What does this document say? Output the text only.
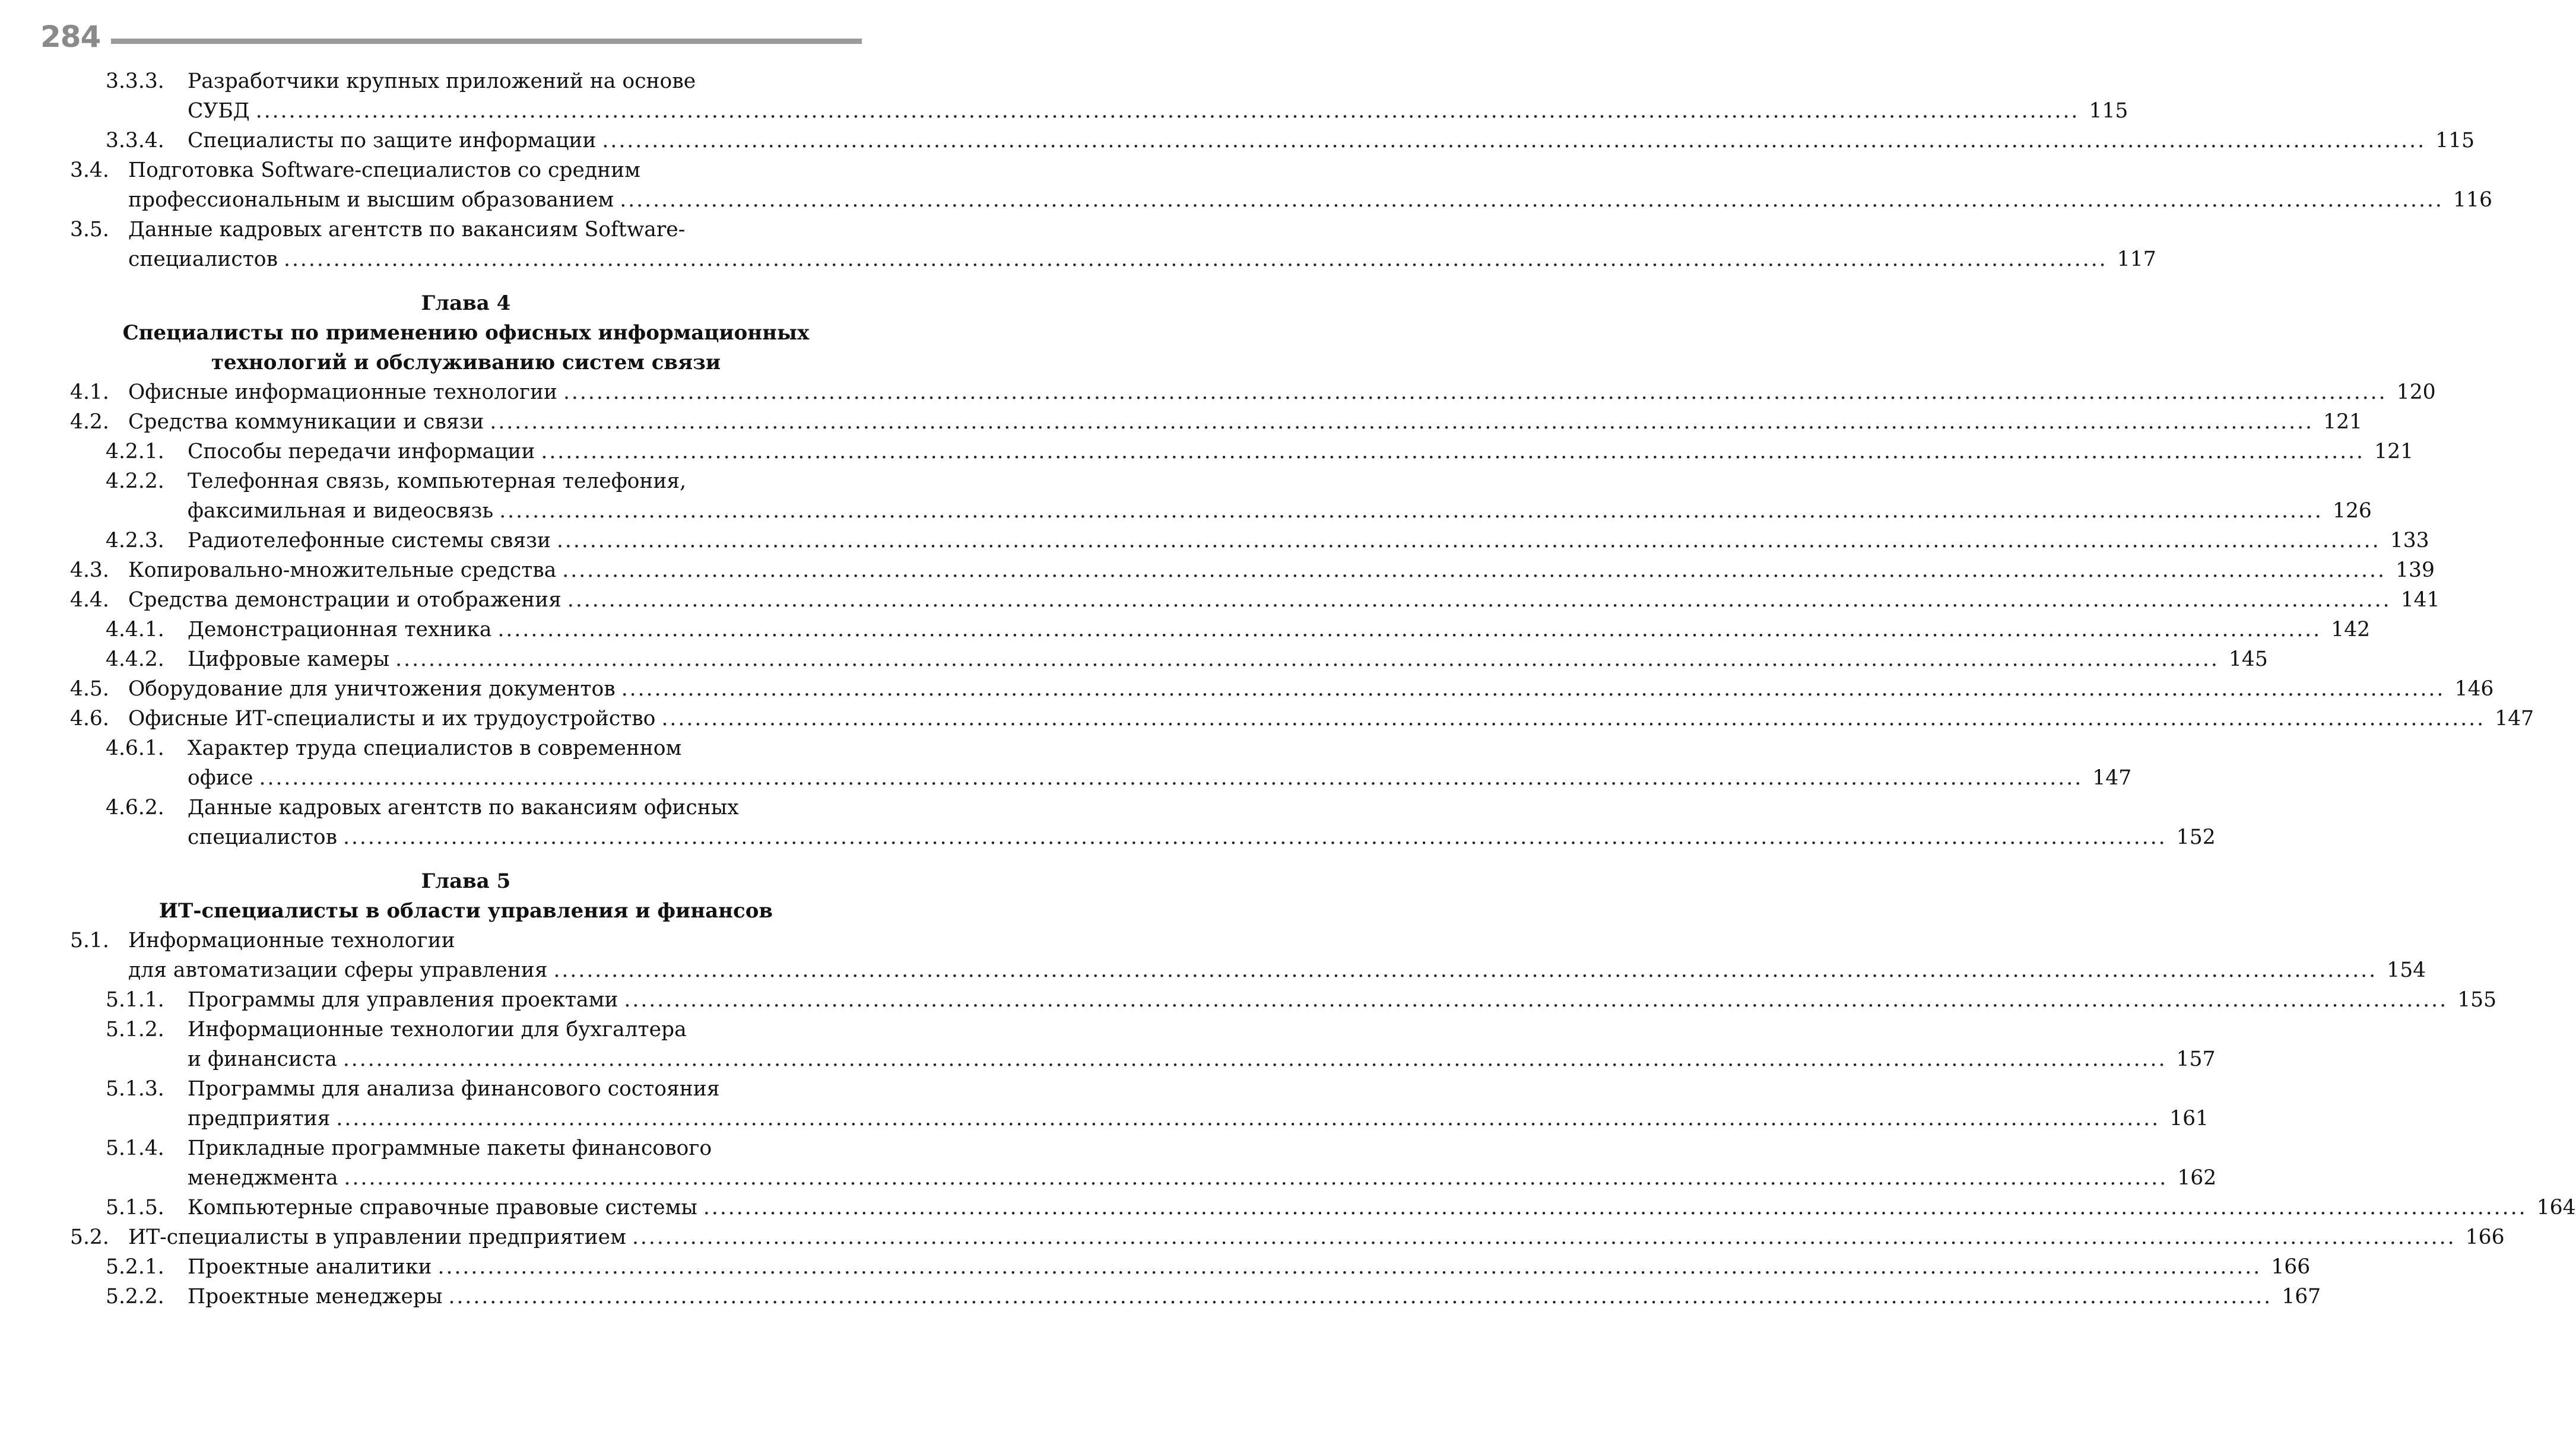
284
3.3.3. Разработчики крупных приложений на основе
СУБД ............................................................................................................................................................................................................................ 115
3.3.4. Специалисты по защите информации ............................................................................................................................................................................................................................ 115
3.4. Подготовка Software-специалистов со средним
профессиональным и высшим образованием ............................................................................................................................................................................................................................ 116
3.5. Данные кадровых агентств по вакансиям Software-
специалистов ............................................................................................................................................................................................................................ 117
Глава 4
Специалисты по применению офисных информационных
технологий и обслуживанию систем связи
4.1. Офисные информационные технологии ............................................................................................................................................................................................................................ 120
4.2. Средства коммуникации и связи ............................................................................................................................................................................................................................ 121
4.2.1. Способы передачи информации ............................................................................................................................................................................................................................ 121
4.2.2. Телефонная связь, компьютерная телефония,
факсимильная и видеосвязь ............................................................................................................................................................................................................................ 126
4.2.3. Радиотелефонные системы связи ............................................................................................................................................................................................................................ 133
4.3. Копировально-множительные средства ............................................................................................................................................................................................................................ 139
4.4. Средства демонстрации и отображения ............................................................................................................................................................................................................................ 141
4.4.1. Демонстрационная техника ............................................................................................................................................................................................................................ 142
4.4.2. Цифровые камеры ............................................................................................................................................................................................................................ 145
4.5. Оборудование для уничтожения документов ............................................................................................................................................................................................................................ 146
4.6. Офисные ИТ-специалисты и их трудоустройство ............................................................................................................................................................................................................................ 147
4.6.1. Характер труда специалистов в современном
офисе ............................................................................................................................................................................................................................ 147
4.6.2. Данные кадровых агентств по вакансиям офисных
специалистов ............................................................................................................................................................................................................................ 152
Глава 5
ИТ-специалисты в области управления и финансов
5.1. Информационные технологии
для автоматизации сферы управления ............................................................................................................................................................................................................................ 154
5.1.1. Программы для управления проектами ............................................................................................................................................................................................................................ 155
5.1.2. Информационные технологии для бухгалтера
и финансиста ............................................................................................................................................................................................................................ 157
5.1.3. Программы для анализа финансового состояния
предприятия ............................................................................................................................................................................................................................ 161
5.1.4. Прикладные программные пакеты финансового
менеджмента ............................................................................................................................................................................................................................ 162
5.1.5. Компьютерные справочные правовые системы ............................................................................................................................................................................................................................ 164
5.2. ИТ-специалисты в управлении предприятием ............................................................................................................................................................................................................................ 166
5.2.1. Проектные аналитики ............................................................................................................................................................................................................................ 166
5.2.2. Проектные менеджеры ............................................................................................................................................................................................................................ 167
